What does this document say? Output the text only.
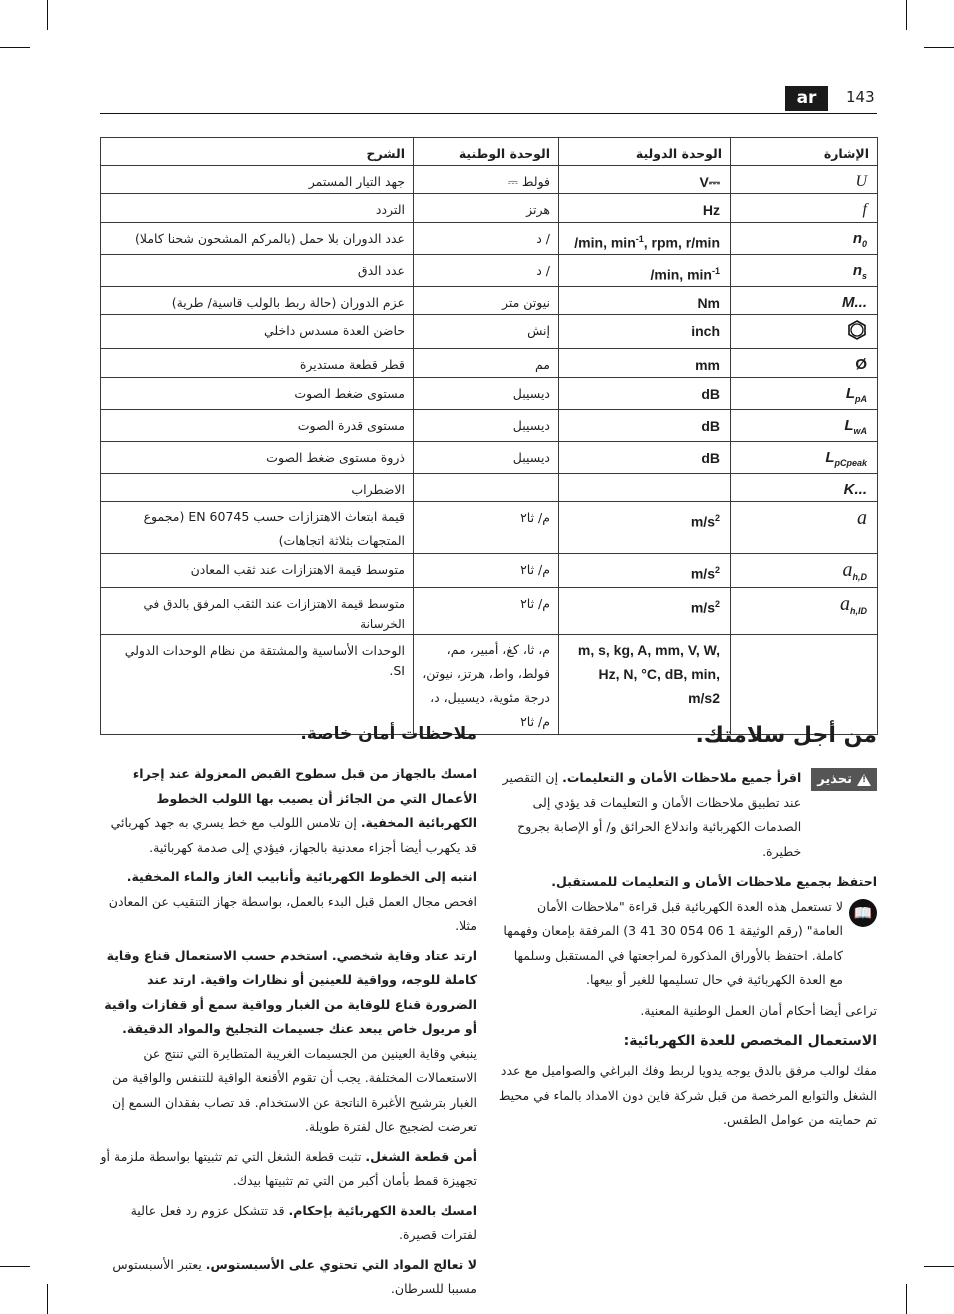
ar	143
الشرح	الوحدة الوطنية	الوحدة الدولية	الإشارة

جهد التيار المستمر	فولط ⎓	V⎓	U

التردد	هرتز	Hz	f

عدد الدوران بلا حمل (بالمركم المشحون شحنا كاملا)	/ د	/min, $\min^{-1}$, rpm, r/min	$n_0$

عدد الدق	/ د	/min, $\min^{-1}$	$n_s$

عزم الدوران (حالة ربط بالولب قاسية/ طرية)	نيوتن متر	Nm	M...

حاضن العدة مسدس داخلي	إنش	inch

قطر قطعة مستديرة	مم	mm	Ø

مستوى ضغط الصوت	ديسيبل	dB	$L_{pA}$

مستوى قدرة الصوت	ديسيبل	dB	$L_{wA}$

ذروة مستوى ضغط الصوت	ديسيبل	dB	$L_{pCpeak}$

الاضطراب			K...

قيمة ابتعاث الاهتزازات حسب EN 60745 (مجموع المتجهات بثلاثة اتجاهات)	م/ ثا٢	$m/s^2$	a

متوسط قيمة الاهتزازات عند ثقب المعادن	م/ ثا٢	$m/s^2$	$a_{h,D}$

متوسط قيمة الاهتزازات عند الثقب المرفق بالدق في الخرسانة	م/ ثا٢	$m/s^2$	$a_{h,ID}$

الوحدات الأساسية والمشتقة من نظام الوحدات الدولي SI.	م، ثا، كغ، أمبير، مم، فولط، واط، هرتز، نيوتن، درجة مئوية، ديسيبل، د، م/ ثا٢	m, s, kg, A, mm, V, W, Hz, N, °C, dB, min, m/s2	

ملاحظات أمان خاصة.

امسك بالجهاز من قبل سطوح القبض المعزولة عند إجراء الأعمال التي من الجائز أن يصيب بها اللولب الخطوط الكهربائية المخفية. إن تلامس اللولب مع خط يسري به جهد كهربائي قد يكهرب أيضا أجزاء معدنية بالجهاز، فيؤدي إلى صدمة كهربائية.

انتبه إلى الخطوط الكهربائية وأنابيب الغاز والماء المخفية. افحص مجال العمل قبل البدء بالعمل، بواسطة جهاز التنقيب عن المعادن مثلا.

ارتد عتاد وقاية شخصي. استخدم حسب الاستعمال قناع وقاية كاملة للوجه، وواقية للعينين أو نظارات واقية. ارتد عند الضرورة قناع للوقاية من الغبار وواقية سمع أو قفازات واقية أو مريول خاص يبعد عنك جسيمات التجليخ والمواد الدقيقة. ينبغي وقاية العينين من الجسيمات الغريبة المتطايرة التي تنتج عن الاستعمالات المختلفة. يجب أن تقوم الأقنعة الواقية للتنفس والواقية من الغبار بترشيح الأغبرة الناتجة عن الاستخدام. قد تصاب بفقدان السمع إن تعرضت لضجيج عال لفترة طويلة.

أمن قطعة الشغل. تثبت قطعة الشغل التي تم تثبيتها بواسطة ملزمة أو تجهيزة قمط بأمان أكبر من التي تم تثبيتها بيدك.

امسك بالعدة الكهربائية بإحكام. قد تتشكل عزوم رد فعل عالية لفترات قصيرة.

لا تعالج المواد التي تحتوي على الأسبستوس. يعتبر الأسبستوس مسببا للسرطان.

من أجل سلامتك.
!
تحذير

اقرأ جميع ملاحظات الأمان و التعليمات. إن التقصير عند تطبيق ملاحظات الأمان و التعليمات قد يؤدي إلى الصدمات الكهربائية واندلاع الحرائق و/ أو الإصابة بجروح خطيرة.

احتفظ بجميع ملاحظات الأمان و التعليمات للمستقبل.

📖

لا تستعمل هذه العدة الكهربائية قبل قراءة "ملاحظات الأمان العامة" (رقم الوثيقة 1 06 054 30 41 3) المرفقة بإمعان وفهمها كاملة. احتفظ بالأوراق المذكورة لمراجعتها في المستقبل وسلمها مع العدة الكهربائية في حال تسليمها للغير أو بيعها.

تراعى أيضا أحكام أمان العمل الوطنية المعنية.

الاستعمال المخصص للعدة الكهربائية:

مفك لوالب مرفق بالدق يوجه يدويا لربط وفك البراغي والصواميل مع عدد الشغل والتوابع المرخصة من قبل شركة فاين دون الامداد بالماء في محيط تم حمايته من عوامل الطقس.
